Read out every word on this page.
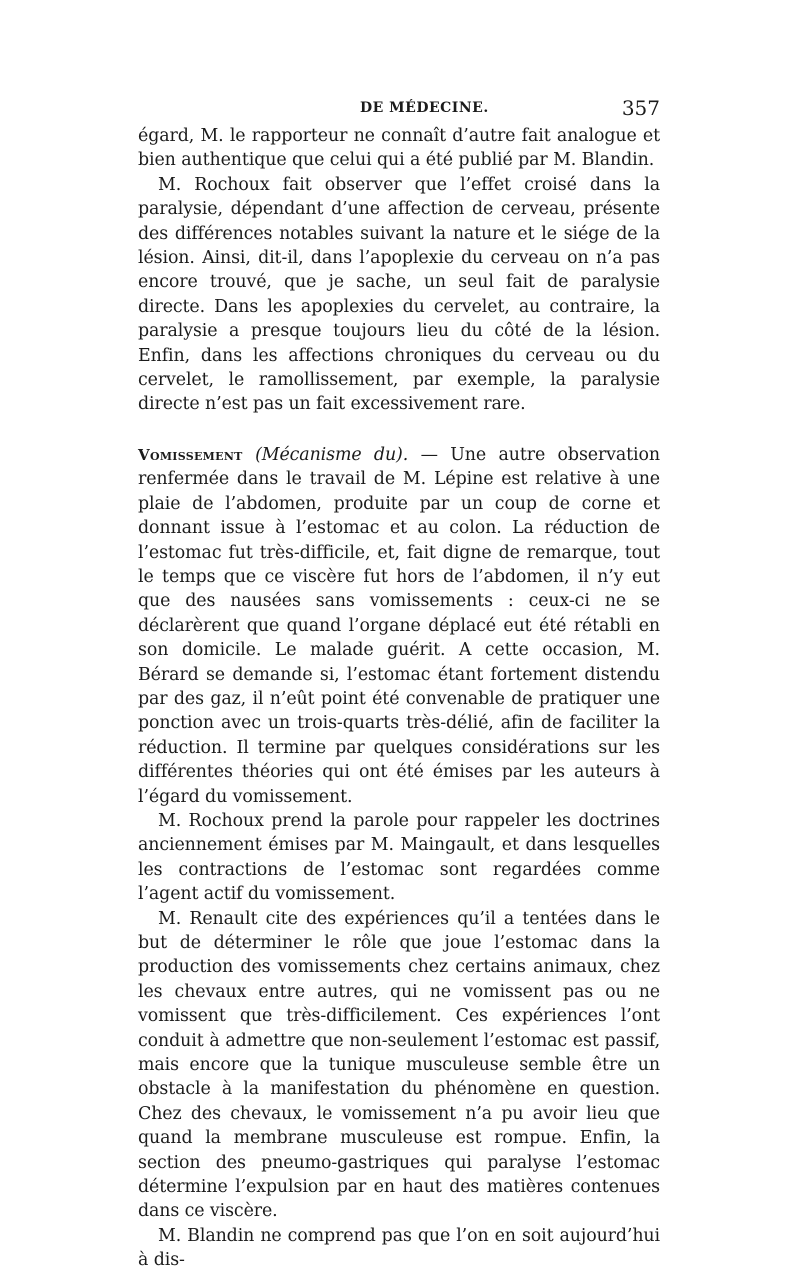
DE MÉDECINE.	357

égard, M. le rapporteur ne connaît d’autre fait analogue et bien authentique que celui qui a été publié par M. Blandin.

M. Rochoux fait observer que l’effet croisé dans la paralysie, dépendant d’une affection de cerveau, présente des différences notables suivant la nature et le siége de la lésion. Ainsi, dit-il, dans l’apoplexie du cerveau on n’a pas encore trouvé, que je sache, un seul fait de paralysie directe. Dans les apoplexies du cervelet, au contraire, la paralysie a presque toujours lieu du côté de la lésion. Enfin, dans les affections chroniques du cerveau ou du cervelet, le ramollissement, par exemple, la paralysie directe n’est pas un fait excessivement rare.

Vomissement (Mécanisme du). — Une autre observation renfermée dans le travail de M. Lépine est relative à une plaie de l’abdomen, produite par un coup de corne et donnant issue à l’estomac et au colon. La réduction de l’estomac fut très-difficile, et, fait digne de remarque, tout le temps que ce viscère fut hors de l’abdomen, il n’y eut que des nausées sans vomissements : ceux-ci ne se déclarèrent que quand l’organe déplacé eut été rétabli en son domicile. Le malade guérit. A cette occasion, M. Bérard se demande si, l’estomac étant fortement distendu par des gaz, il n’eût point été convenable de pratiquer une ponction avec un trois-quarts très-délié, afin de faciliter la réduction. Il termine par quelques considérations sur les différentes théories qui ont été émises par les auteurs à l’égard du vomissement.

M. Rochoux prend la parole pour rappeler les doctrines anciennement émises par M. Maingault, et dans lesquelles les contractions de l’estomac sont regardées comme l’agent actif du vomissement.

M. Renault cite des expériences qu’il a tentées dans le but de déterminer le rôle que joue l’estomac dans la production des vomissements chez certains animaux, chez les chevaux entre autres, qui ne vomissent pas ou ne vomissent que très-difficilement. Ces expériences l’ont conduit à admettre que non-seulement l’estomac est passif, mais encore que la tunique musculeuse semble être un obstacle à la manifestation du phénomène en question. Chez des chevaux, le vomissement n’a pu avoir lieu que quand la membrane musculeuse est rompue. Enfin, la section des pneumo-gastriques qui paralyse l’estomac détermine l’expulsion par en haut des matières contenues dans ce viscère.

M. Blandin ne comprend pas que l’on en soit aujourd’hui à dis-
